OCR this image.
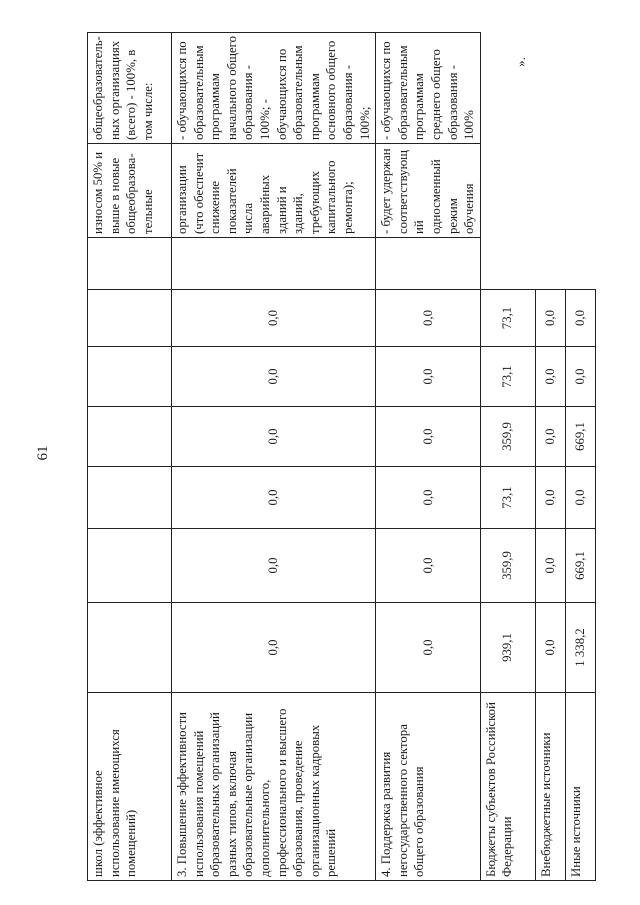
61
школ (эффективное использование имеющихся помещений)								износом 50% и выше в новые общеобразова-тельные	общеобразователь-ных организациях (всего) - 100%, в том числе:
3. Повышение эффективности использования помещений образовательных организаций разных типов, включая образовательные организации дополнительного, профессионального и высшего образования, проведение организационных кадровых решений	0,0	0,0	0,0	0,0	0,0	0,0		организации (что обеспечит снижение показателей числа аварийных зданий и зданий, требующих капитального ремонта);	- обучающихся по образовательным программам начального общего образования - 100%; - обучающихся по образовательным программам основного общего образования - 100%;
4. Поддержка развития негосударственного сектора общего образования	0,0	0,0	0,0	0,0	0,0	0,0		- будет удержан соответствующий односменный режим обучения	- обучающихся по образовательным программам среднего общего образования - 100%
Бюджеты субъектов Российской Федерации	939,1	359,9	73,1	359,9	73,1	73,1			
Внебюджетные источники	0,0	0,0	0,0	0,0	0,0	0,0			
Иные источники	1 338,2	669,1	0,0	669,1	0,0	0,0			
».
